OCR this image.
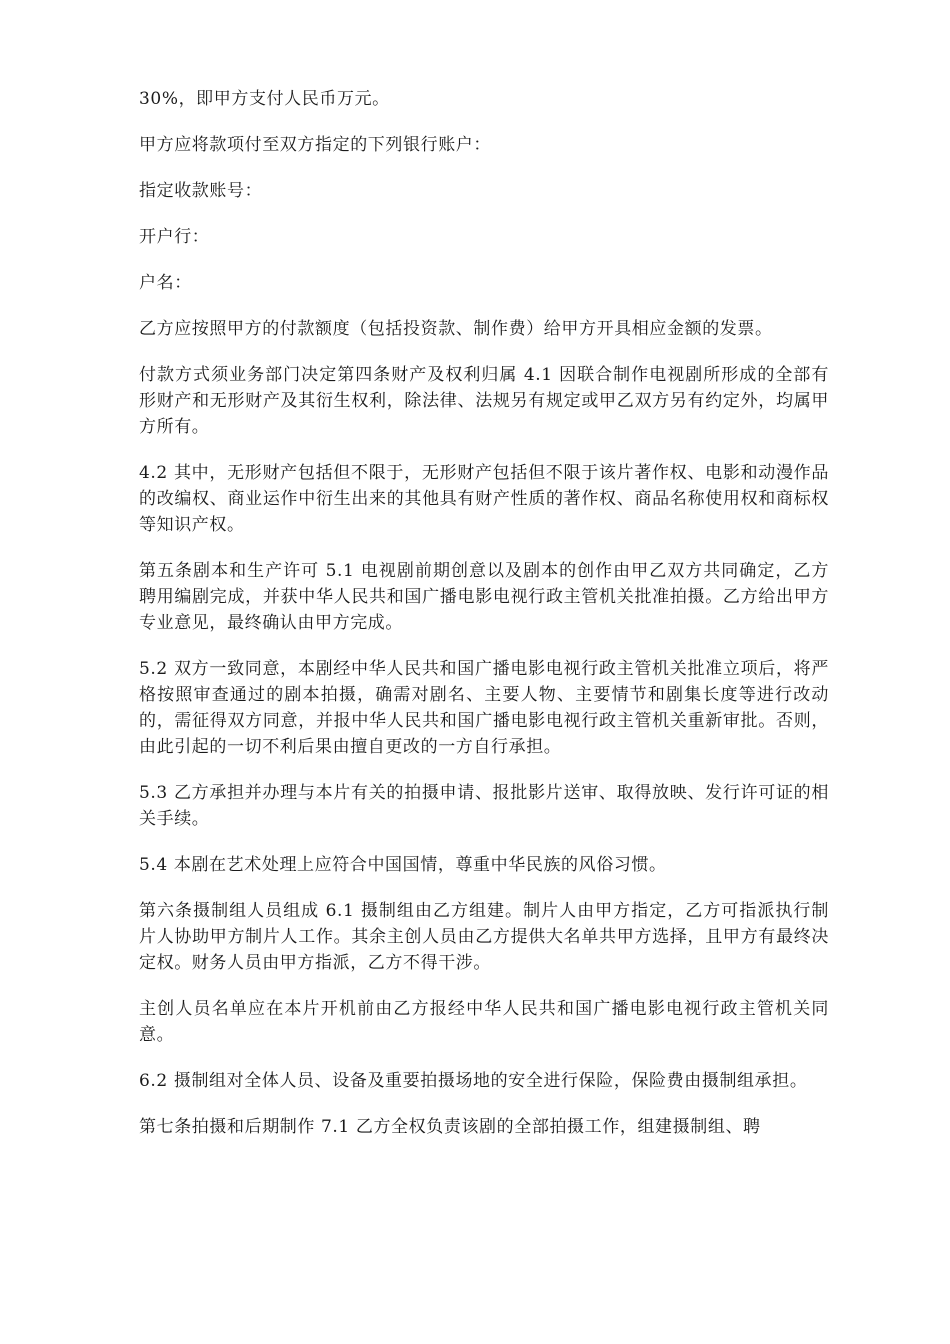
30%，即甲方支付人民币万元。

甲方应将款项付至双方指定的下列银行账户：

指定收款账号：

开户行：

户名：

乙方应按照甲方的付款额度（包括投资款、制作费）给甲方开具相应金额的发票。

付款方式须业务部门决定第四条财产及权利归属 4.1 因联合制作电视剧所形成的全部有形财产和无形财产及其衍生权利，除法律、法规另有规定或甲乙双方另有约定外，均属甲方所有。

4.2 其中，无形财产包括但不限于，无形财产包括但不限于该片著作权、电影和动漫作品的改编权、商业运作中衍生出来的其他具有财产性质的著作权、商品名称使用权和商标权等知识产权。

第五条剧本和生产许可 5.1 电视剧前期创意以及剧本的创作由甲乙双方共同确定，乙方聘用编剧完成，并获中华人民共和国广播电影电视行政主管机关批准拍摄。乙方给出甲方专业意见，最终确认由甲方完成。

5.2 双方一致同意，本剧经中华人民共和国广播电影电视行政主管机关批准立项后，将严格按照审查通过的剧本拍摄，确需对剧名、主要人物、主要情节和剧集长度等进行改动的，需征得双方同意，并报中华人民共和国广播电影电视行政主管机关重新审批。否则，由此引起的一切不利后果由擅自更改的一方自行承担。

5.3 乙方承担并办理与本片有关的拍摄申请、报批影片送审、取得放映、发行许可证的相关手续。

5.4 本剧在艺术处理上应符合中国国情，尊重中华民族的风俗习惯。

第六条摄制组人员组成 6.1 摄制组由乙方组建。制片人由甲方指定，乙方可指派执行制片人协助甲方制片人工作。其余主创人员由乙方提供大名单共甲方选择，且甲方有最终决定权。财务人员由甲方指派，乙方不得干涉。

主创人员名单应在本片开机前由乙方报经中华人民共和国广播电影电视行政主管机关同意。

6.2 摄制组对全体人员、设备及重要拍摄场地的安全进行保险，保险费由摄制组承担。

第七条拍摄和后期制作 7.1 乙方全权负责该剧的全部拍摄工作，组建摄制组、聘
